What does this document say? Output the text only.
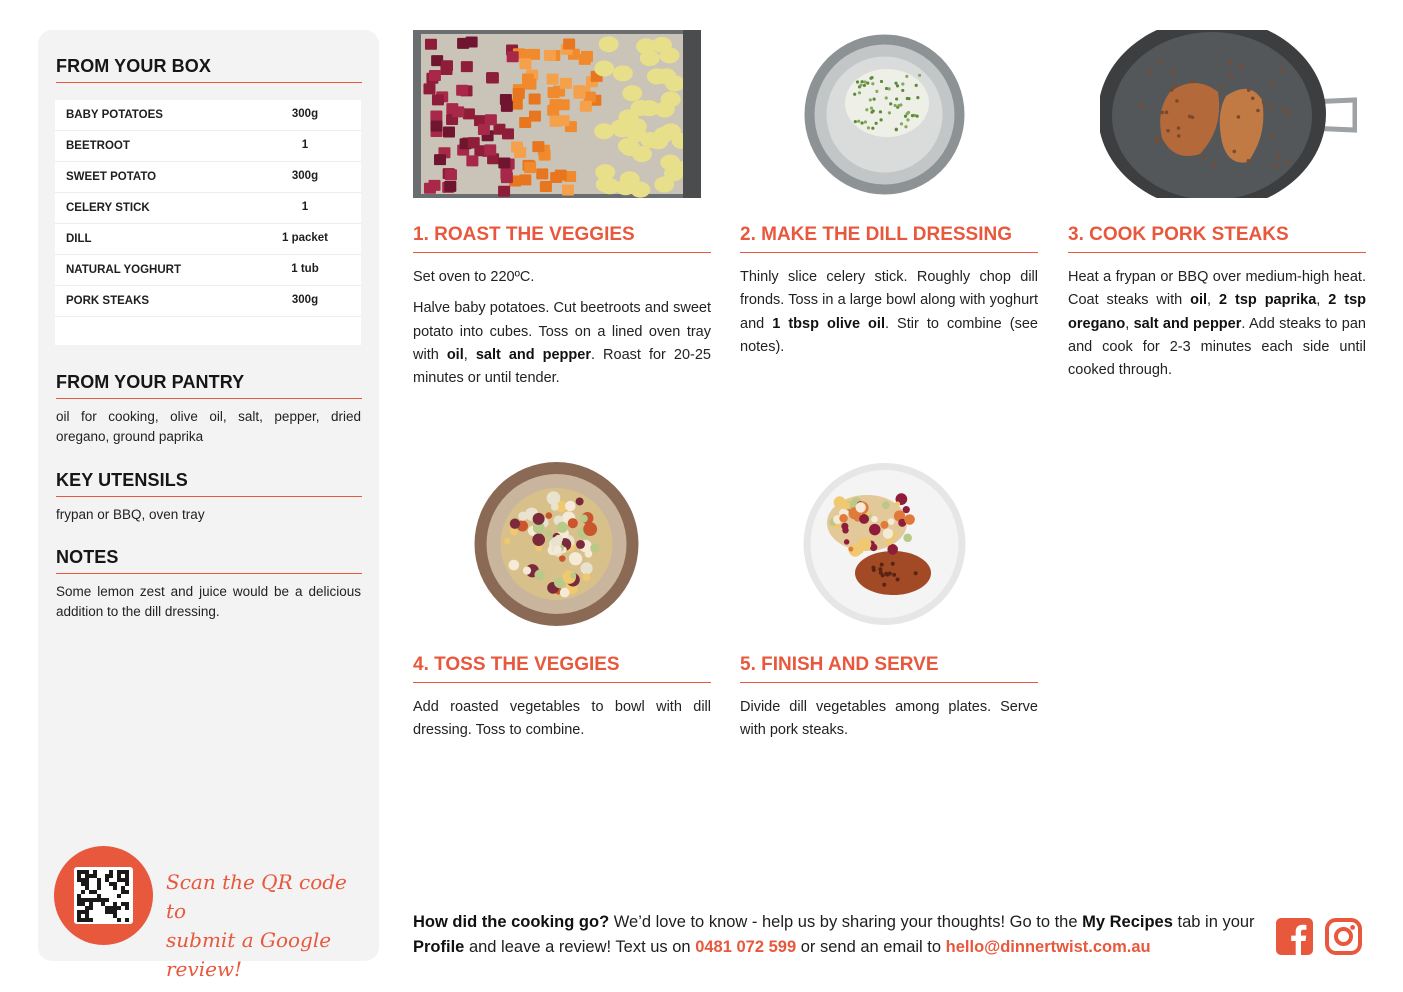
FROM YOUR BOX
BABY POTATOES	300g
BEETROOT	1
SWEET POTATO	300g
CELERY STICK	1
DILL	1 packet
NATURAL YOGHURT	1 tub
PORK STEAKS	300g
FROM YOUR PANTRY
oil for cooking, olive oil, salt, pepper, dried oregano, ground paprika
KEY UTENSILS
frypan or BBQ, oven tray
NOTES
Some lemon zest and juice would be a delicious addition to the dill dressing.
Scan the QR code to
submit a Google review!
1. ROAST THE VEGGIES

Set oven to 220ºC.

Halve baby potatoes. Cut beetroots and sweet potato into cubes. Toss on a lined oven tray with oil, salt and pepper. Roast for 20-25 minutes or until tender.

2. MAKE THE DILL DRESSING

Thinly slice celery stick. Roughly chop dill fronds. Toss in a large bowl along with yoghurt and 1 tbsp olive oil. Stir to combine (see notes).

3. COOK PORK STEAKS

Heat a frypan or BBQ over medium-high heat. Coat steaks with oil, 2 tsp paprika, 2 tsp oregano, salt and pepper. Add steaks to pan and cook for 2-3 minutes each side until cooked through.

4. TOSS THE VEGGIES

Add roasted vegetables to bowl with dill dressing. Toss to combine.

5. FINISH AND SERVE

Divide dill vegetables among plates. Serve with pork steaks.

How did the cooking go? We’d love to know - help us by sharing your thoughts! Go to the My Recipes tab in your Profile and leave a review! Text us on 0481 072 599 or send an email to hello@dinnertwist.com.au
